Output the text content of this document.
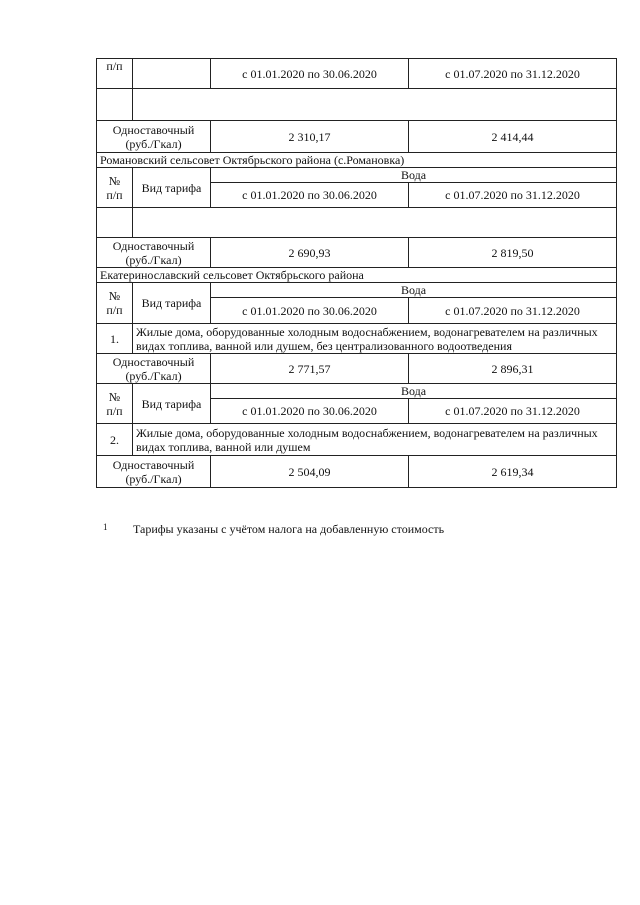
п/п		с 01.01.2020 по 30.06.2020	с 01.07.2020 по 31.12.2020

Одноставочный
(руб./Гкал)		2 310,17	2 414,44
Романовский сельсовет Октябрьского района (с.Романовка)			
№
п/п	Вид тарифа	Вода	
		с 01.01.2020 по 30.06.2020	с 01.07.2020 по 31.12.2020

Одноставочный
(руб./Гкал)		2 690,93	2 819,50
Екатеринославский сельсовет Октябрьского района			
№
п/п	Вид тарифа	Вода	
		с 01.01.2020 по 30.06.2020	с 01.07.2020 по 31.12.2020
1.	Жилые дома, оборудованные холодным водоснабжением, водонагревателем на различных видах топлива, ванной или душем, без централизованного водоотведения		
Одноставочный
(руб./Гкал)		2 771,57	2 896,31
№
п/п	Вид тарифа	Вода	
		с 01.01.2020 по 30.06.2020	с 01.07.2020 по 31.12.2020
2.	Жилые дома, оборудованные холодным водоснабжением, водонагревателем на различных видах топлива, ванной или душем		
Одноставочный
(руб./Гкал)		2 504,09	2 619,34
1 Тарифы указаны с учётом налога на добавленную стоимость
